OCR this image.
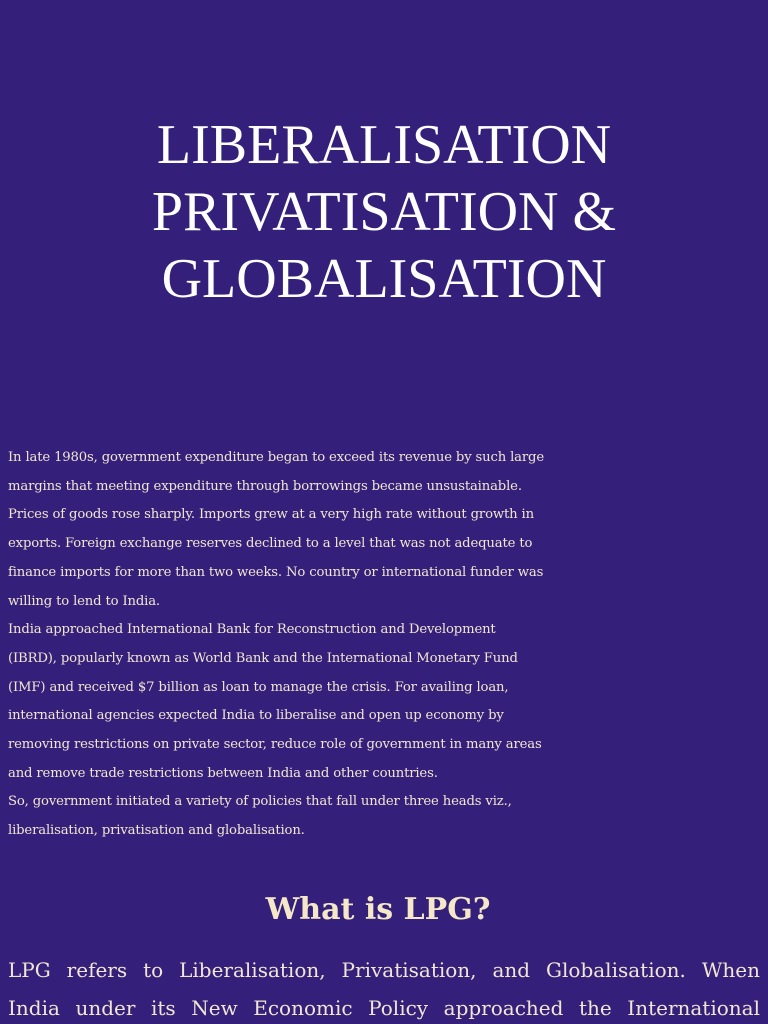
LIBERALISATION
PRIVATISATION &
GLOBALISATION
In late 1980s, government expenditure began to exceed its revenue by such large
margins that meeting expenditure through borrowings became unsustainable.
Prices of goods rose sharply. Imports grew at a very high rate without growth in
exports. Foreign exchange reserves declined to a level that was not adequate to
finance imports for more than two weeks. No country or international funder was
willing to lend to India.
India approached International Bank for Reconstruction and Development
(IBRD), popularly known as World Bank and the International Monetary Fund
(IMF) and received $7 billion as loan to manage the crisis. For availing loan,
international agencies expected India to liberalise and open up economy by
removing restrictions on private sector, reduce role of government in many areas
and remove trade restrictions between India and other countries.
So, government initiated a variety of policies that fall under three heads viz.,
liberalisation, privatisation and globalisation.
What is LPG?
LPG refers to Liberalisation, Privatisation, and Globalisation. When
India under its New Economic Policy approached the International
